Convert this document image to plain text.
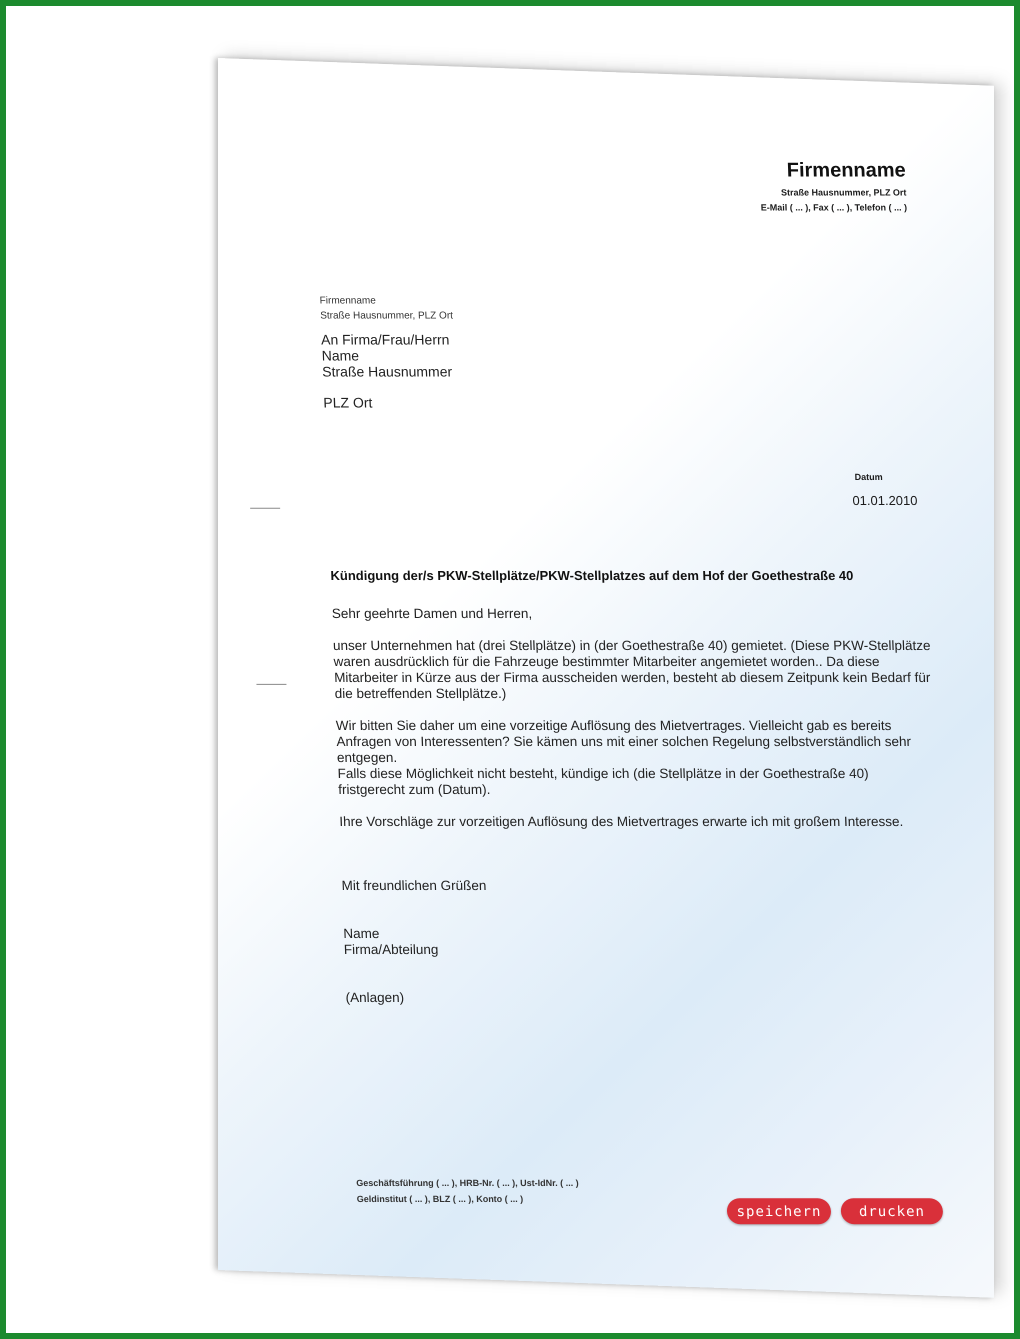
Firmenname
Straße Hausnummer, PLZ Ort
E-Mail ( ... ), Fax ( ... ), Telefon ( ... )
Firmenname
Straße Hausnummer, PLZ Ort
An Firma/Frau/Herrn
Name
Straße Hausnummer
PLZ Ort
Datum
01.01.2010
Kündigung der/s PKW-Stellplätze/PKW-Stellplatzes auf dem Hof der Goethestraße 40
Sehr geehrte Damen und Herren,
unser Unternehmen hat (drei Stellplätze) in (der Goethestraße 40) gemietet. (Diese PKW-Stellplätze waren ausdrücklich für die Fahrzeuge bestimmter Mitarbeiter angemietet worden.. Da diese Mitarbeiter in Kürze aus der Firma ausscheiden werden, besteht ab diesem Zeitpunk kein Bedarf für die betreffenden Stellplätze.)
Wir bitten Sie daher um eine vorzeitige Auflösung des Mietvertrages. Vielleicht gab es bereits Anfragen von Interessenten? Sie kämen uns mit einer solchen Regelung selbstverständlich sehr entgegen.
Falls diese Möglichkeit nicht besteht, kündige ich (die Stellplätze in der Goethestraße 40) fristgerecht zum (Datum).
Ihre Vorschläge zur vorzeitigen Auflösung des Mietvertrages erwarte ich mit großem Interesse.
Mit freundlichen Grüßen
Name
Firma/Abteilung
(Anlagen)
Geschäftsführung ( ... ), HRB-Nr. ( ... ), Ust-IdNr. ( ... )
Geldinstitut ( ... ), BLZ ( ... ), Konto ( ... )
speichern	drucken
